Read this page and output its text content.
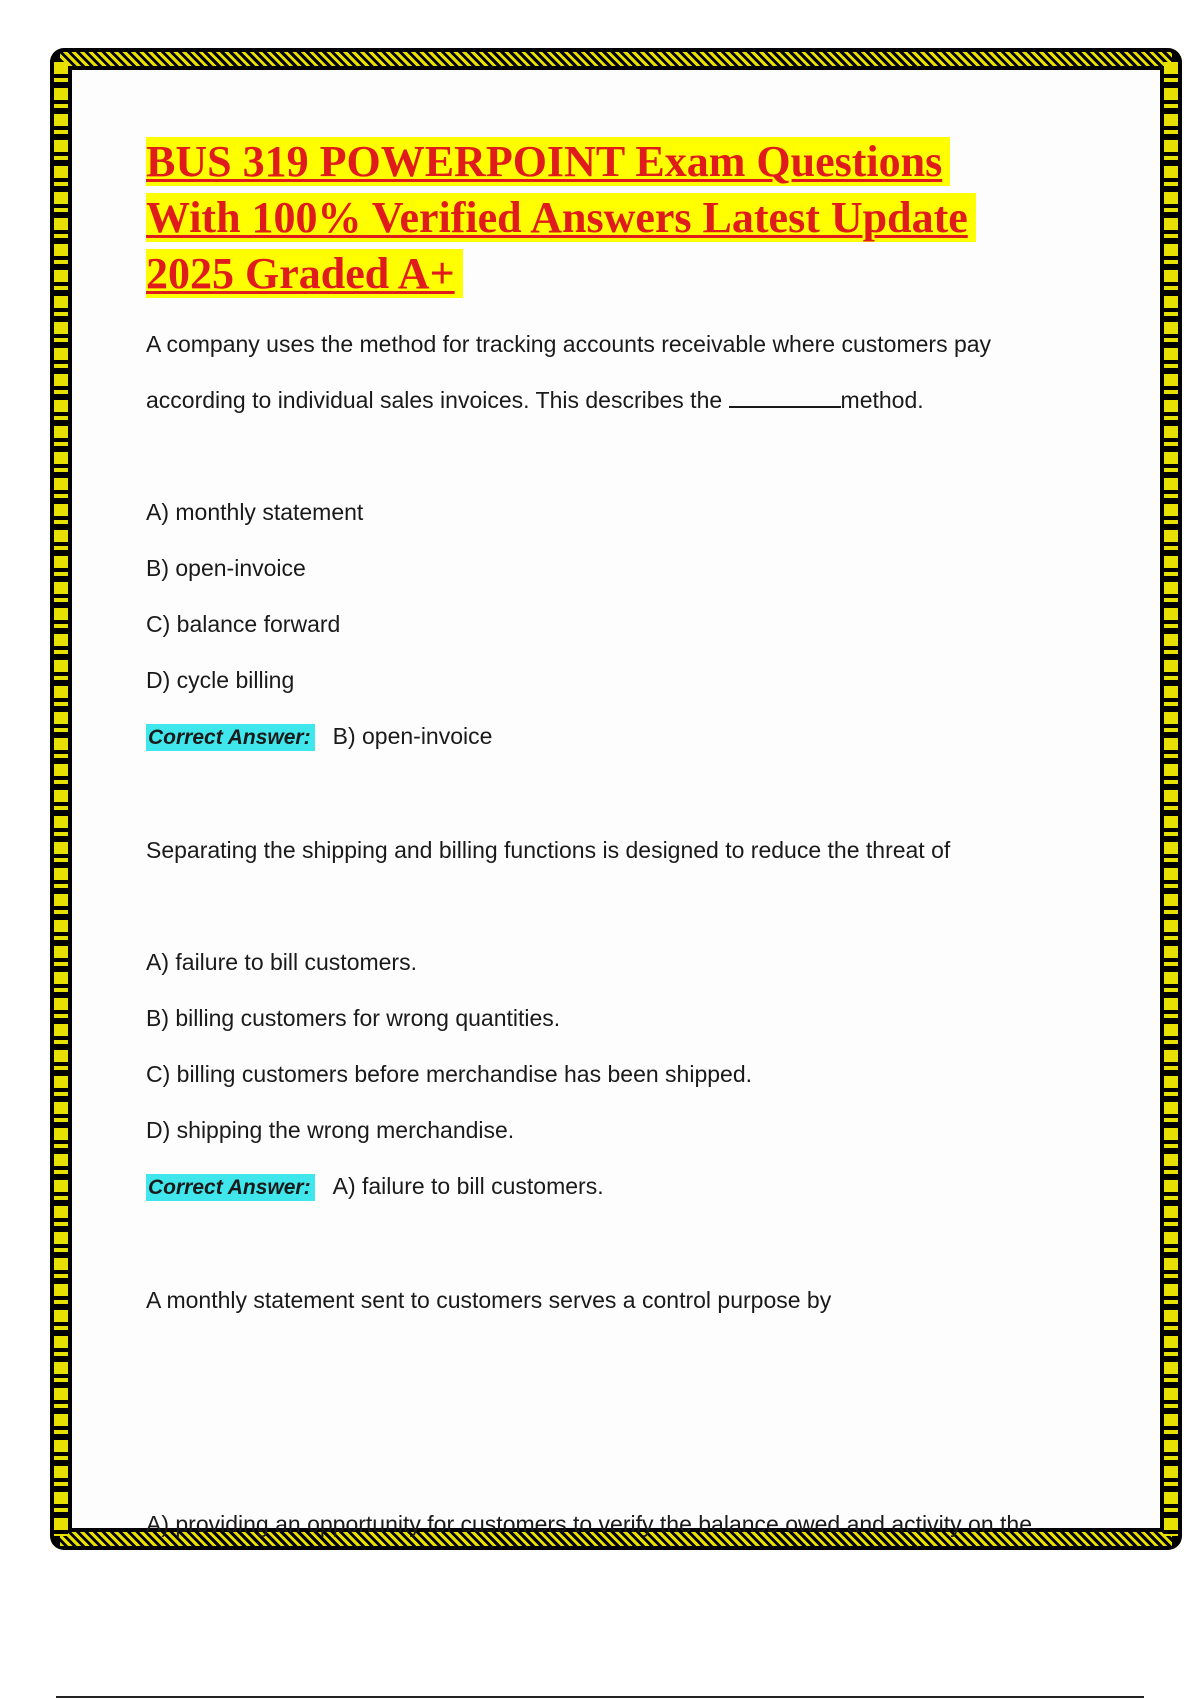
BUS 319 POWERPOINT Exam Questions
With 100% Verified Answers Latest Update
2025 Graded A+

A company uses the method for tracking accounts receivable where customers pay

according to individual sales invoices. This describes the	method.

A) monthly statement

B) open-invoice

C) balance forward

D) cycle billing

Correct Answer: B) open-invoice

Separating the shipping and billing functions is designed to reduce the threat of

A) failure to bill customers.

B) billing customers for wrong quantities.

C) billing customers before merchandise has been shipped.

D) shipping the wrong merchandise.

Correct Answer: A) failure to bill customers.

A monthly statement sent to customers serves a control purpose by

A) providing an opportunity for customers to verify the balance owed and activity on the
